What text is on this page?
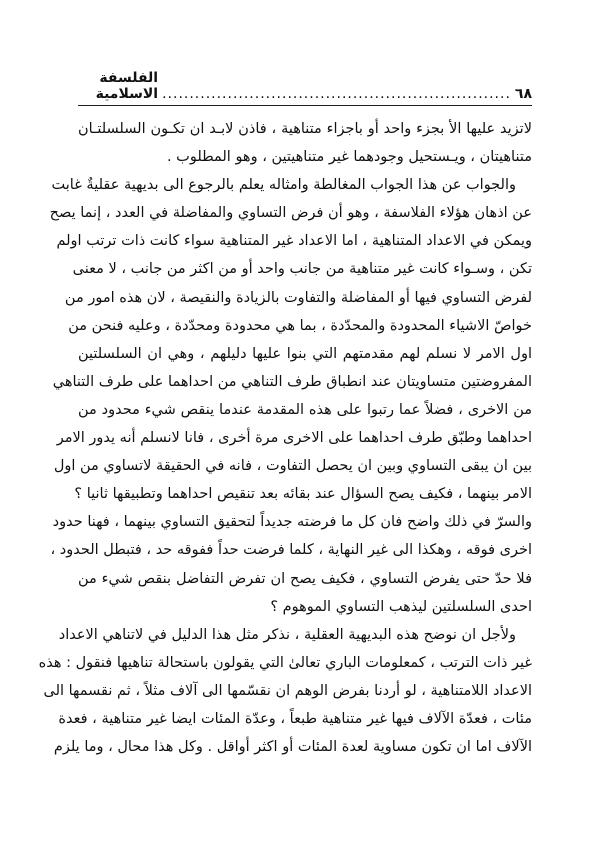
٦٨
................................................................
الفلسفة الاسلامية
لاتزيد عليها الأ بجزء واحد أو باجزاء متناهية ، فاذن لابـد ان تكـون السلسلتـان
متناهيتان ، ويـستحيل وجودهما غير متناهيتين ، وهو المطلوب .
والجواب عن هذا الجواب المغالطة وامثاله يعلم بالرجوع الى بديهية عقليةٌ غابت
عن اذهان هؤلاء الفلاسفة ، وهو أن فرض التساوي والمفاضلة في العدد ، إنما يصح
ويمكن في الاعداد المتناهية ، اما الاعداد غير المتناهية سواء كانت ذات ترتب اولم
تكن ، وسـواء كانت غير متناهية من جانب واحد أو من اكثر من جانب ، لا معنى
لفرض التساوي فيها أو المفاضلة والتفاوت بالزيادة والنقيصة ، لان هذه امور من
خواصّ الاشياء المحدودة والمحدّدة ، بما هي محدودة ومحدّدة ، وعليه فنحن من
اول الامر لا نسلم لهم مقدمتهم التي بنوا عليها دليلهم ، وهي ان السلسلتين
المفروضتين متساويتان عند انطباق طرف التناهي من احداهما على طرف التناهي
من الاخرى ، فضلاً عما رتبوا على هذه المقدمة عندما ينقص شيء محدود من
احداهما وطبّق طرف احداهما على الاخرى مرة أخرى ، فانا لانسلم أنه يدور الامر
بين ان يبقى التساوي وبين ان يحصل التفاوت ، فانه في الحقيقة لاتساوي من اول
الامر بينهما ، فكيف يصح السؤال عند بقائه بعد تنقيص احداهما وتطبيقها ثانيا ؟
والسرّ في ذلك واضح فان كل ما فرضته جديداً لتحقيق التساوي بينهما ، فهنا حدود
اخرى فوقه ، وهكذا الى غير النهاية ، كلما فرضت حداً ففوقه حد ، فتبطل الحدود ،
فلا حدّ حتى يفرض التساوي ، فكيف يصح ان تفرض التفاضل بنقص شيء من
احدى السلسلتين ليذهب التساوي الموهوم ؟
ولأجل ان نوضح هذه البديهية العقلية ، نذكر مثل هذا الدليل في لاتناهي الاعداد
غير ذات الترتب ، كمعلومات الباري تعالىٰ التي يقولون باستحالة تناهيها فنقول : هذه
الاعداد اللامتناهية ، لو أردنا بفرض الوهم ان نقسّمها الى آلاف مثلاً ، ثم نقسمها الى
مئات ، فعدّة الآلاف فيها غير متناهية طبعاً ، وعدّة المئات ايضا غير متناهية ، فعدة
الآلاف اما ان تكون مساوية لعدة المئات أو اكثر أواقل . وكل هذا محال ، وما يلزم
